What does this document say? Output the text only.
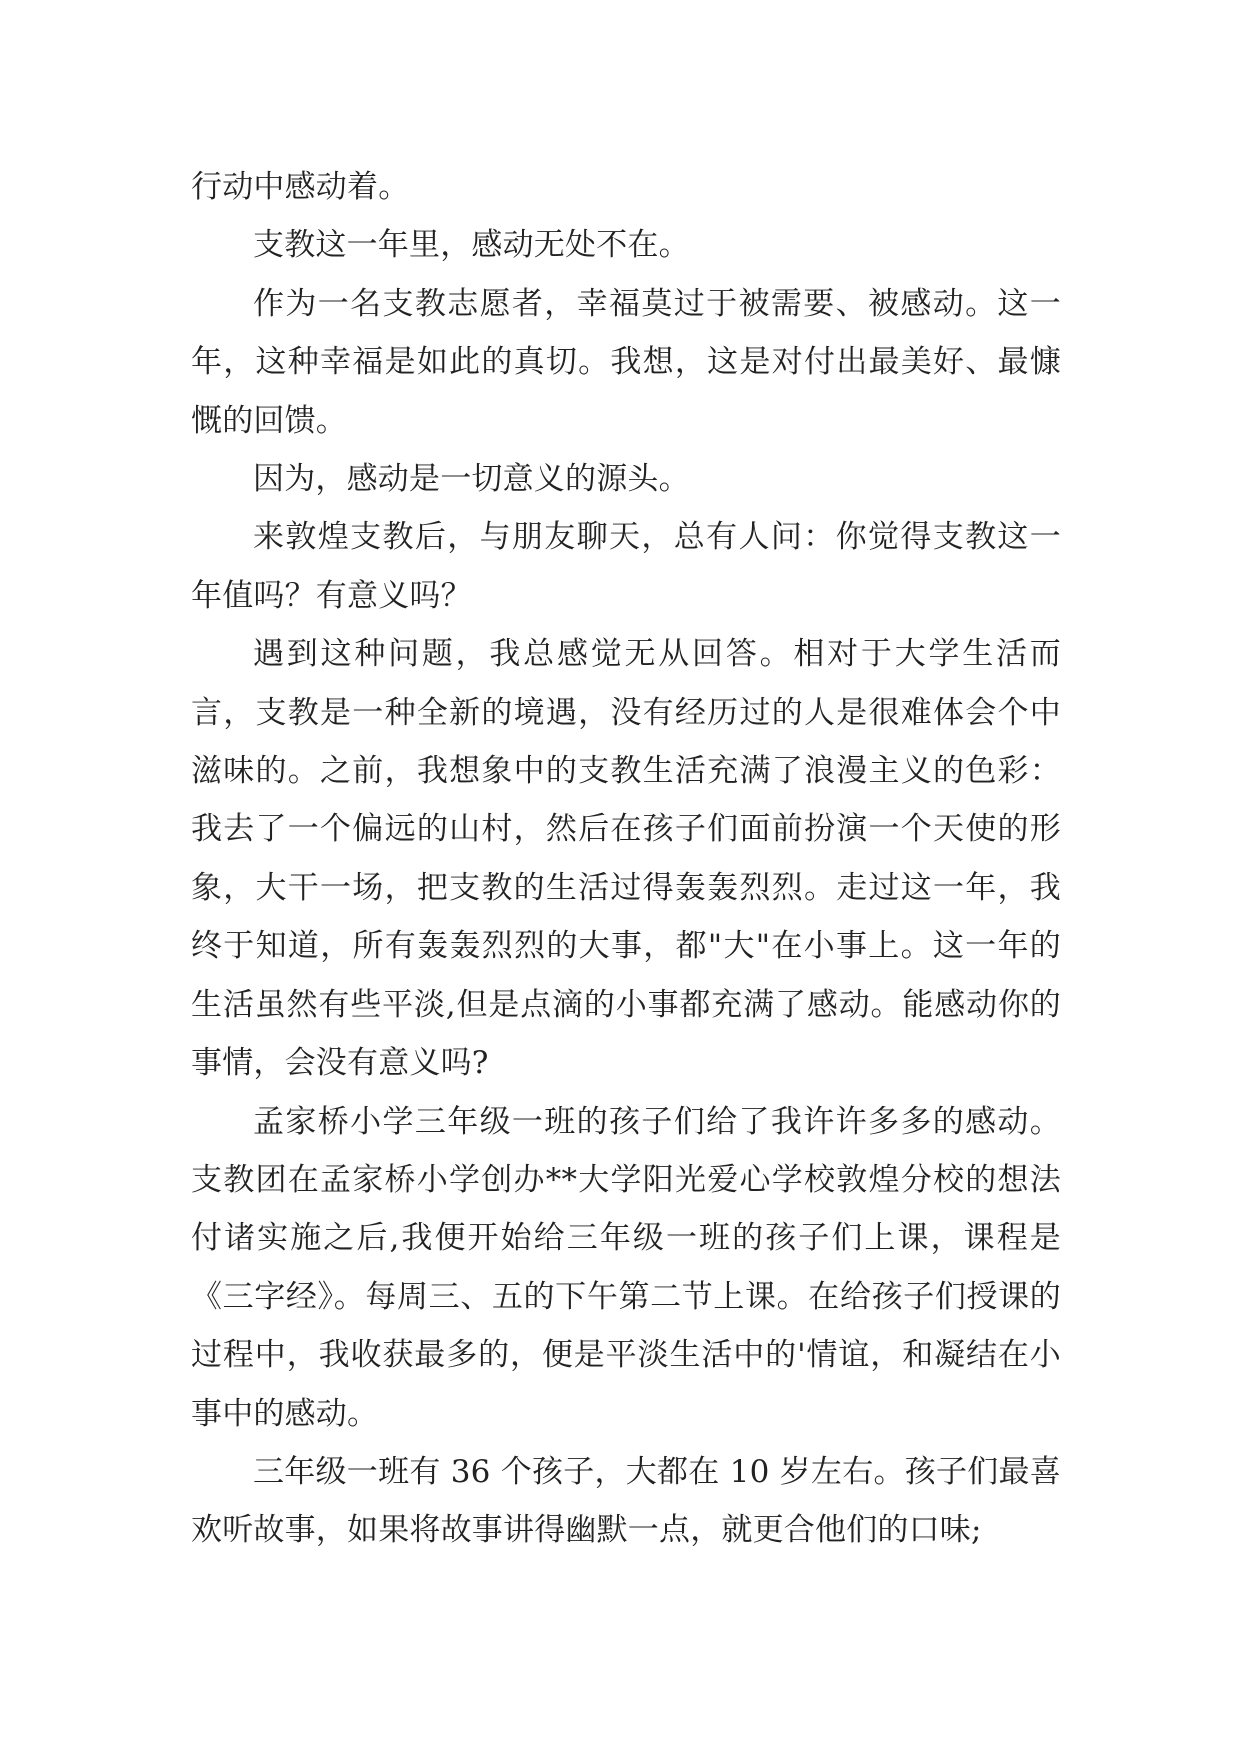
行动中感动着。

支教这一年里，感动无处不在。

作为一名支教志愿者，幸福莫过于被需要、被感动。这一年，这种幸福是如此的真切。我想，这是对付出最美好、最慷慨的回馈。

因为，感动是一切意义的源头。

来敦煌支教后，与朋友聊天，总有人问：你觉得支教这一年值吗？有意义吗？

遇到这种问题，我总感觉无从回答。相对于大学生活而言，支教是一种全新的境遇，没有经历过的人是很难体会个中滋味的。之前，我想象中的支教生活充满了浪漫主义的色彩：我去了一个偏远的山村，然后在孩子们面前扮演一个天使的形象，大干一场，把支教的生活过得轰轰烈烈。走过这一年，我终于知道，所有轰轰烈烈的大事，都"大"在小事上。这一年的生活虽然有些平淡,但是点滴的小事都充满了感动。能感动你的事情，会没有意义吗?

孟家桥小学三年级一班的孩子们给了我许许多多的感动。支教团在孟家桥小学创办**大学阳光爱心学校敦煌分校的想法付诸实施之后,我便开始给三年级一班的孩子们上课，课程是《三字经》。每周三、五的下午第二节上课。在给孩子们授课的过程中，我收获最多的，便是平淡生活中的'情谊，和凝结在小事中的感动。

三年级一班有 36 个孩子，大都在 10 岁左右。孩子们最喜欢听故事，如果将故事讲得幽默一点，就更合他们的口味;
